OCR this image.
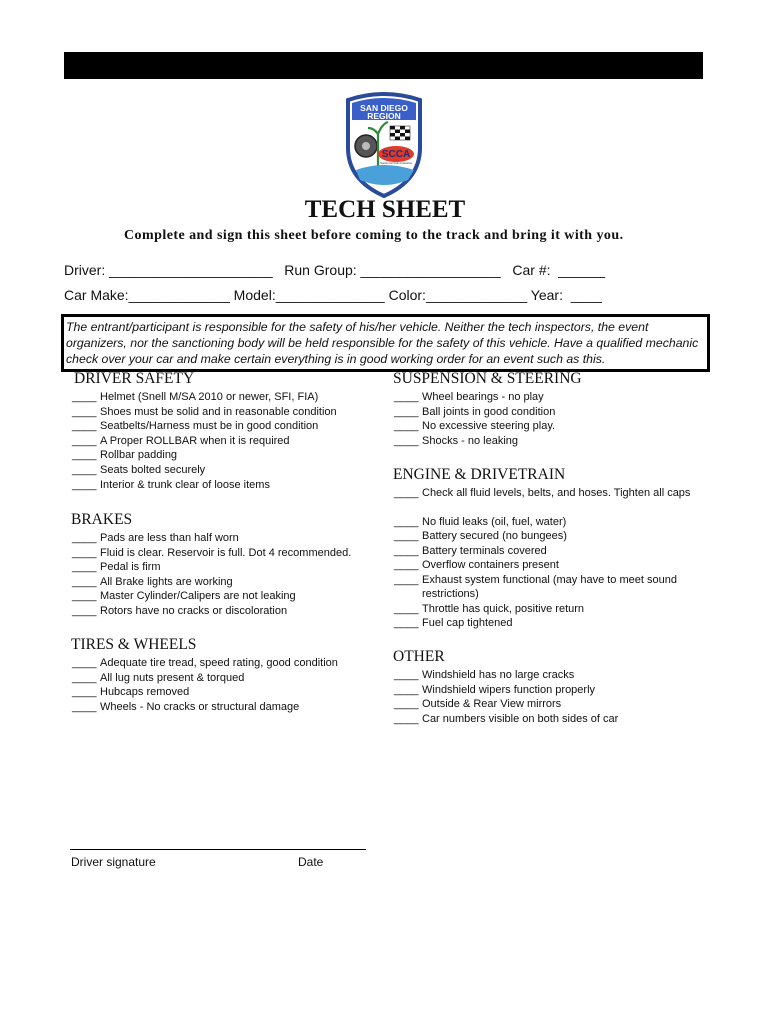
SAN DIEGO
REGION
SCCA
Sports Car Club of America
TECH SHEET
Complete and sign this sheet before coming to the track and bring it with you.
Driver: _____________________   Run Group: __________________   Car #:  ______
Car Make:_____________ Model:______________ Color:_____________ Year:  ____
The entrant/participant is responsible for the safety of his/her vehicle. Neither the tech inspectors, the event organizers, nor the sanctioning body will be held responsible for the safety of this vehicle. Have a qualified mechanic check over your car and make certain everything is in good working order for an event such as this.
DRIVER SAFETY
____ Helmet (Snell M/SA 2010 or newer, SFI, FIA)
____ Shoes must be solid and in reasonable condition
____ Seatbelts/Harness must be in good condition
____ A Proper ROLLBAR when it is required
____ Rollbar padding
____ Seats bolted securely
____ Interior & trunk clear of loose items
BRAKES
____ Pads are less than half worn
____ Fluid is clear. Reservoir is full. Dot 4 recommended.
____ Pedal is firm
____ All Brake lights are working
____ Master Cylinder/Calipers are not leaking
____ Rotors have no cracks or discoloration
TIRES & WHEELS
____ Adequate tire tread, speed rating, good condition
____ All lug nuts present & torqued
____ Hubcaps removed
____ Wheels - No cracks or structural damage
SUSPENSION & STEERING
____ Wheel bearings - no play
____ Ball joints in good condition
____ No excessive steering play.
____ Shocks - no leaking
ENGINE & DRIVETRAIN
____ Check all fluid levels, belts, and hoses. Tighten all caps
____ No fluid leaks (oil, fuel, water)
____ Battery secured (no bungees)
____ Battery terminals covered
____ Overflow containers present
____ Exhaust system functional (may have to meet sound restrictions)
____ Throttle has quick, positive return
____ Fuel cap tightened
OTHER
____ Windshield has no large cracks
____ Windshield wipers function properly
____ Outside & Rear View mirrors
____ Car numbers visible on both sides of car
Driver signature	Date
